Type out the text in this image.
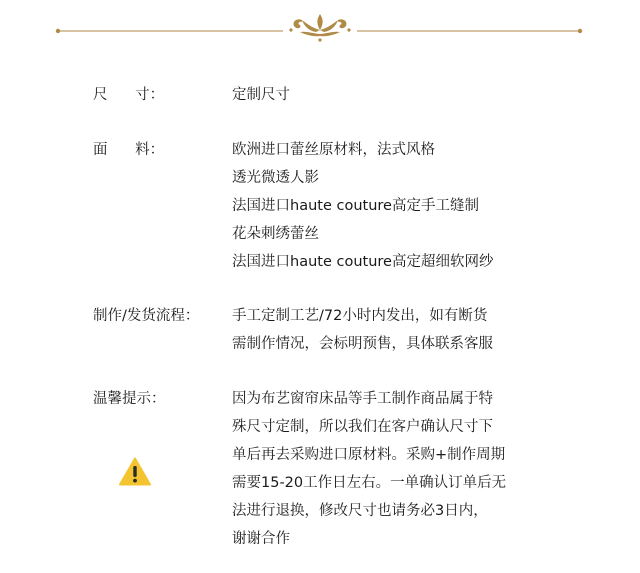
尺      寸：	定制尺寸
面      料：	欧洲进口蕾丝原材料，法式风格
透光微透人影
法国进口haute couture高定手工缝制
花朵刺绣蕾丝
法国进口haute couture高定超细软网纱
制作/发货流程： 手工定制工艺/72小时内发出，如有断货
需制作情况，会标明预售，具体联系客服
温馨提示：	因为布艺窗帘床品等手工制作商品属于特
殊尺寸定制，所以我们在客户确认尺寸下
单后再去采购进口原材料。采购+制作周期
需要15-20工作日左右。一单确认订单后无
法进行退换，修改尺寸也请务必3日内，
谢谢合作
